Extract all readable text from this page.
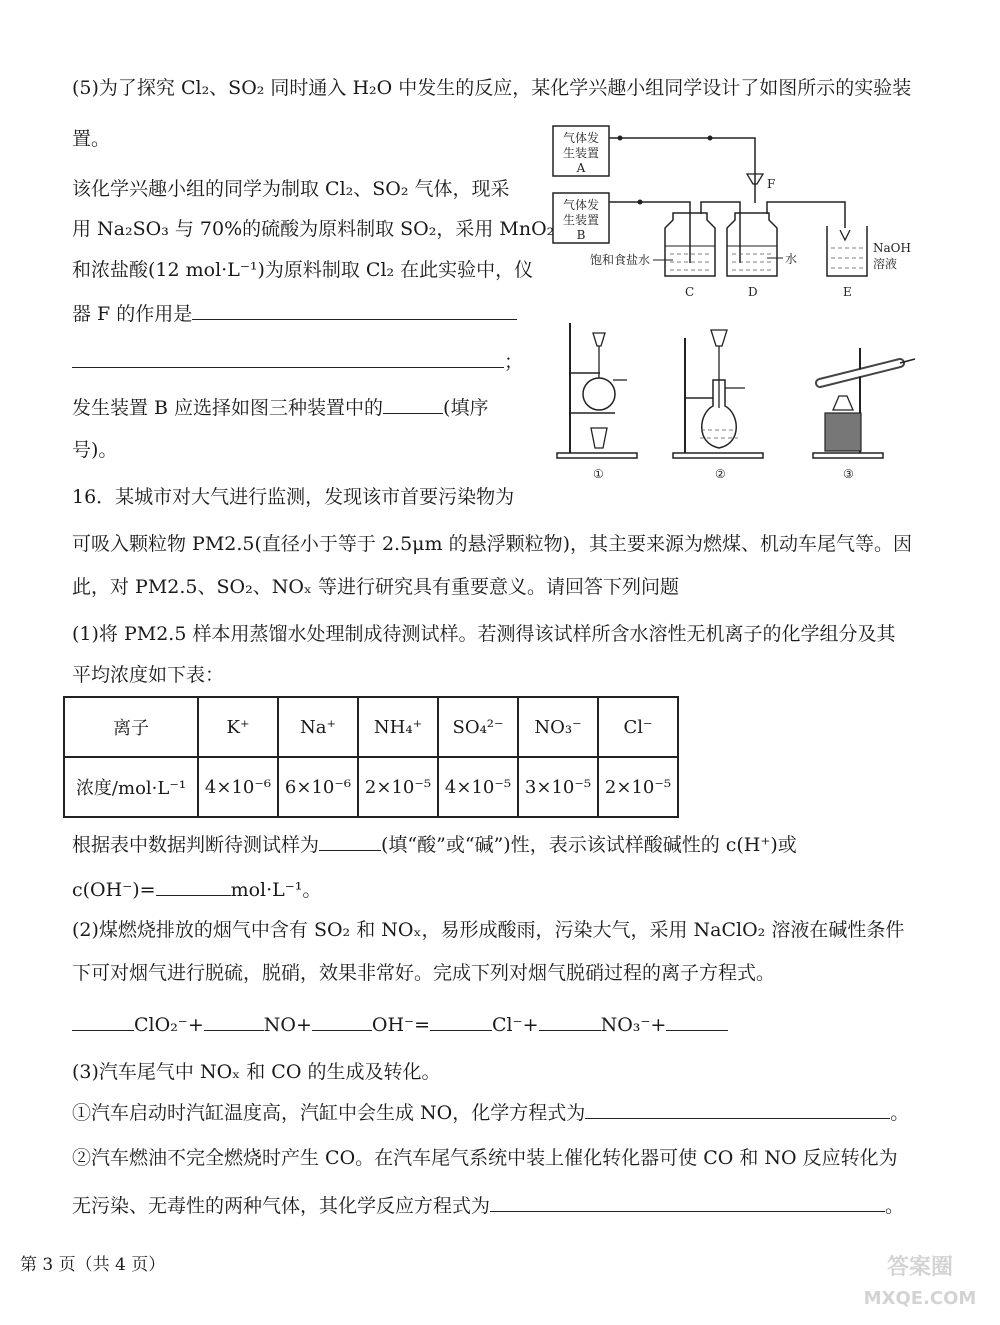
(5)为了探究 Cl₂、SO₂ 同时通入 H₂O 中发生的反应，某化学兴趣小组同学设计了如图所示的实验装
置。
该化学兴趣小组的同学为制取 Cl₂、SO₂ 气体，现采
用 Na₂SO₃ 与 70%的硫酸为原料制取 SO₂，采用 MnO₂
和浓盐酸(12 mol·L⁻¹)为原料制取 Cl₂ 在此实验中，仪
器 F 的作用是
；
发生装置 B 应选择如图三种装置中的	(填序
号)。
气体发
生装置
A
气体发
生装置
B
F
NaOH
溶液
饱和食盐水	水
C	D	E
①	②	③
16．某城市对大气进行监测，发现该市首要污染物为
可吸入颗粒物 PM2.5(直径小于等于 2.5μm 的悬浮颗粒物)，其主要来源为燃煤、机动车尾气等。因
此，对 PM2.5、SO₂、NOₓ 等进行研究具有重要意义。请回答下列问题
(1)将 PM2.5 样本用蒸馏水处理制成待测试样。若测得该试样所含水溶性无机离子的化学组分及其
平均浓度如下表：
离子	K⁺	Na⁺	NH₄⁺	SO₄²⁻	NO₃⁻	Cl⁻
浓度/mol·L⁻¹	4×10⁻⁶	6×10⁻⁶	2×10⁻⁵	4×10⁻⁵	3×10⁻⁵	2×10⁻⁵
根据表中数据判断待测试样为	(填“酸”或“碱”)性，表示该试样酸碱性的 c(H⁺)或
c(OH⁻)=	mol·L⁻¹。
(2)煤燃烧排放的烟气中含有 SO₂ 和 NOₓ，易形成酸雨，污染大气，采用 NaClO₂ 溶液在碱性条件
下可对烟气进行脱硫，脱硝，效果非常好。完成下列对烟气脱硝过程的离子方程式。
ClO₂⁻+	NO+	OH⁻=	Cl⁻+	NO₃⁻+
(3)汽车尾气中 NOₓ 和 CO 的生成及转化。
①汽车启动时汽缸温度高，汽缸中会生成 NO，化学方程式为	。
②汽车燃油不完全燃烧时产生 CO。在汽车尾气系统中装上催化转化器可使 CO 和 NO 反应转化为
无污染、无毒性的两种气体，其化学反应方程式为	。
第 3 页（共 4 页）	答案圈
MXQE.COM
